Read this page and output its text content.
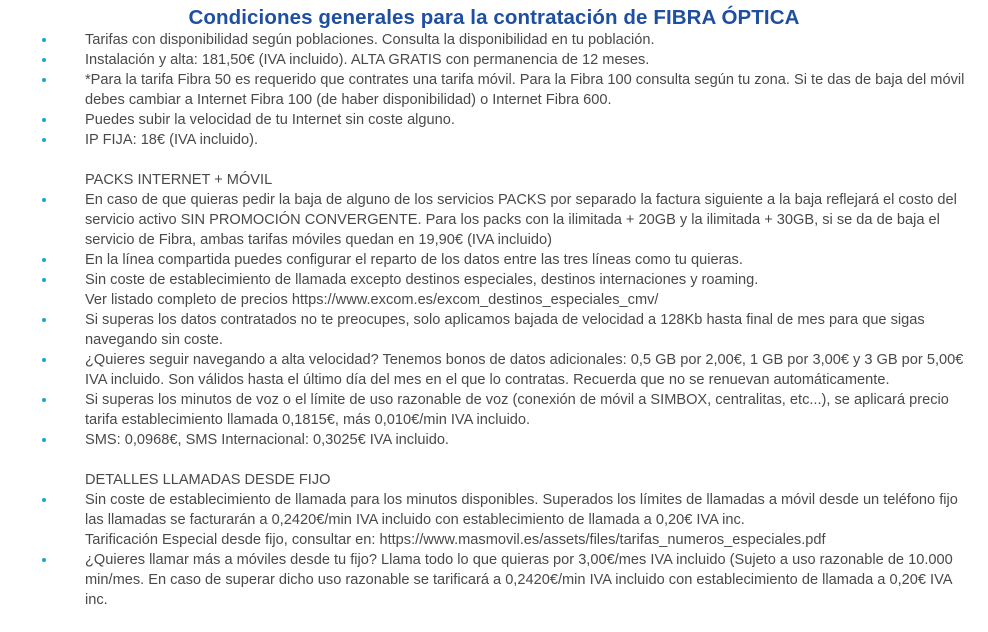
Condiciones generales para la contratación de FIBRA ÓPTICA
Tarifas con disponibilidad según poblaciones. Consulta la disponibilidad en tu población.
Instalación y alta: 181,50€ (IVA incluido). ALTA GRATIS con permanencia de 12 meses.
*Para la tarifa Fibra 50 es requerido que contrates una tarifa móvil. Para la Fibra 100 consulta según tu zona. Si te das de baja del móvil debes cambiar a Internet Fibra 100 (de haber disponibilidad) o Internet Fibra 600.
Puedes subir la velocidad de tu Internet sin coste alguno.
IP FIJA: 18€ (IVA incluido).
PACKS INTERNET + MÓVIL
En caso de que quieras pedir la baja de alguno de los servicios PACKS por separado la factura siguiente a la baja reflejará el costo del servicio activo SIN PROMOCIÓN CONVERGENTE. Para los packs con la ilimitada + 20GB y la ilimitada + 30GB, si se da de baja el servicio de Fibra, ambas tarifas móviles quedan en 19,90€ (IVA incluido)
En la línea compartida puedes configurar el reparto de los datos entre las tres líneas como tu quieras.
Sin coste de establecimiento de llamada excepto destinos especiales, destinos internaciones y roaming.
Ver listado completo de precios https://www.excom.es/excom_destinos_especiales_cmv/
Si superas los datos contratados no te preocupes, solo aplicamos bajada de velocidad a 128Kb hasta final de mes para que sigas navegando sin coste.
¿Quieres seguir navegando a alta velocidad? Tenemos bonos de datos adicionales: 0,5 GB por 2,00€, 1 GB por 3,00€ y 3 GB por 5,00€ IVA incluido. Son válidos hasta el último día del mes en el que lo contratas. Recuerda que no se renuevan automáticamente.
Si superas los minutos de voz o el límite de uso razonable de voz (conexión de móvil a SIMBOX, centralitas, etc...), se aplicará precio tarifa establecimiento llamada 0,1815€, más 0,010€/min IVA incluido.
SMS: 0,0968€, SMS Internacional: 0,3025€ IVA incluido.
DETALLES LLAMADAS DESDE FIJO
Sin coste de establecimiento de llamada para los minutos disponibles. Superados los límites de llamadas a móvil desde un teléfono fijo las llamadas se facturarán a 0,2420€/min IVA incluido con establecimiento de llamada a 0,20€ IVA inc.
Tarificación Especial desde fijo, consultar en: https://www.masmovil.es/assets/files/tarifas_numeros_especiales.pdf
¿Quieres llamar más a móviles desde tu fijo? Llama todo lo que quieras por 3,00€/mes IVA incluido (Sujeto a uso razonable de 10.000 min/mes. En caso de superar dicho uso razonable se tarificará a 0,2420€/min IVA incluido con establecimiento de llamada a 0,20€ IVA inc.
